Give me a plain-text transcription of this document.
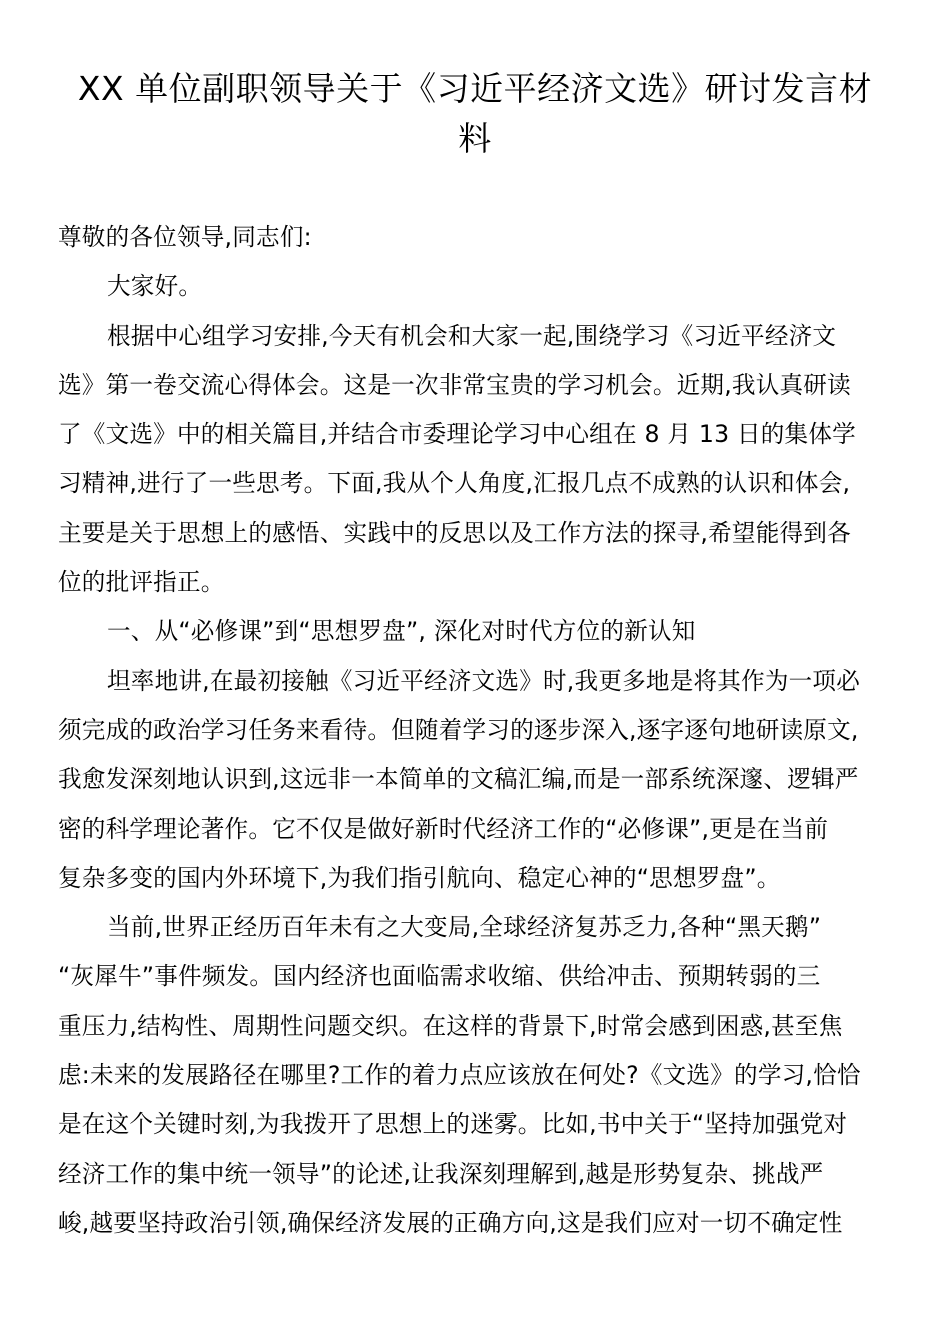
XX 单位副职领导关于《习近平经济文选》研讨发言材
料
尊敬的各位领导,同志们:
大家好。
根据中心组学习安排,今天有机会和大家一起,围绕学习《习近平经济文
选》第一卷交流心得体会。这是一次非常宝贵的学习机会。近期,我认真研读
了《文选》中的相关篇目,并结合市委理论学习中心组在 8 月 13 日的集体学
习精神,进行了一些思考。下面,我从个人角度,汇报几点不成熟的认识和体会,
主要是关于思想上的感悟、实践中的反思以及工作方法的探寻,希望能得到各
位的批评指正。
一、从“必修课”到“思想罗盘”, 深化对时代方位的新认知
坦率地讲,在最初接触《习近平经济文选》时,我更多地是将其作为一项必
须完成的政治学习任务来看待。但随着学习的逐步深入,逐字逐句地研读原文,
我愈发深刻地认识到,这远非一本简单的文稿汇编,而是一部系统深邃、逻辑严
密的科学理论著作。它不仅是做好新时代经济工作的“必修课”,更是在当前
复杂多变的国内外环境下,为我们指引航向、稳定心神的“思想罗盘”。
当前,世界正经历百年未有之大变局,全球经济复苏乏力,各种“黑天鹅”
“灰犀牛”事件频发。国内经济也面临需求收缩、供给冲击、预期转弱的三
重压力,结构性、周期性问题交织。在这样的背景下,时常会感到困惑,甚至焦
虑:未来的发展路径在哪里?工作的着力点应该放在何处?《文选》的学习,恰恰
是在这个关键时刻,为我拨开了思想上的迷雾。比如,书中关于“坚持加强党对
经济工作的集中统一领导”的论述,让我深刻理解到,越是形势复杂、挑战严
峻,越要坚持政治引领,确保经济发展的正确方向,这是我们应对一切不确定性
